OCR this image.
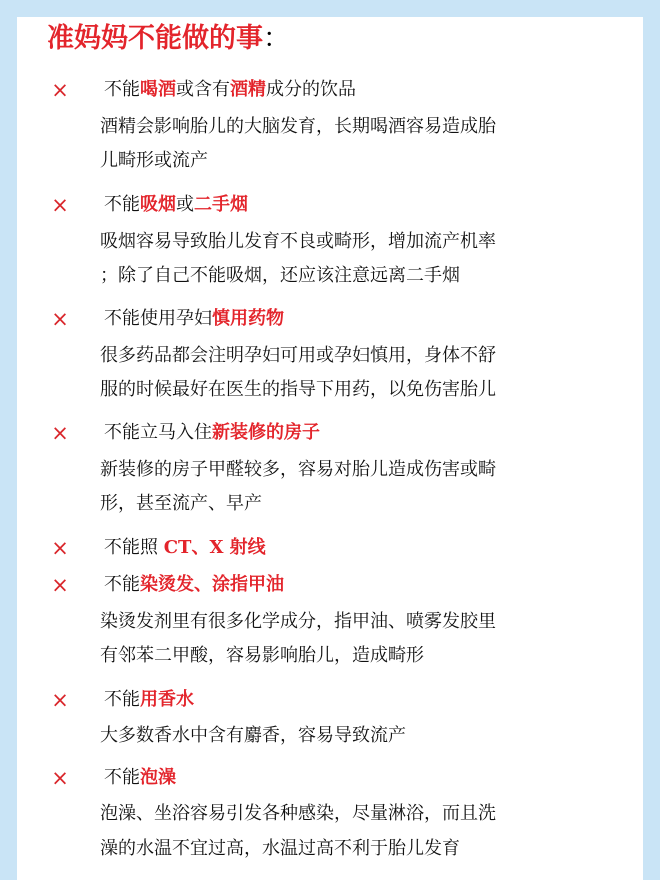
准妈妈不能做的事：
× 不能喝酒或含有酒精成分的饮品
酒精会影响胎儿的大脑发育，长期喝酒容易造成胎
儿畸形或流产
× 不能吸烟或二手烟
吸烟容易导致胎儿发育不良或畸形，增加流产机率
；除了自己不能吸烟，还应该注意远离二手烟
× 不能使用孕妇慎用药物
很多药品都会注明孕妇可用或孕妇慎用，身体不舒
服的时候最好在医生的指导下用药，以免伤害胎儿
× 不能立马入住新装修的房子
新装修的房子甲醛较多，容易对胎儿造成伤害或畸
形，甚至流产、早产
× 不能照 CT、X 射线
× 不能染烫发、涂指甲油
染烫发剂里有很多化学成分，指甲油、喷雾发胶里
有邻苯二甲酸，容易影响胎儿，造成畸形
× 不能用香水
大多数香水中含有麝香，容易导致流产
× 不能泡澡
泡澡、坐浴容易引发各种感染，尽量淋浴，而且洗
澡的水温不宜过高，水温过高不利于胎儿发育
